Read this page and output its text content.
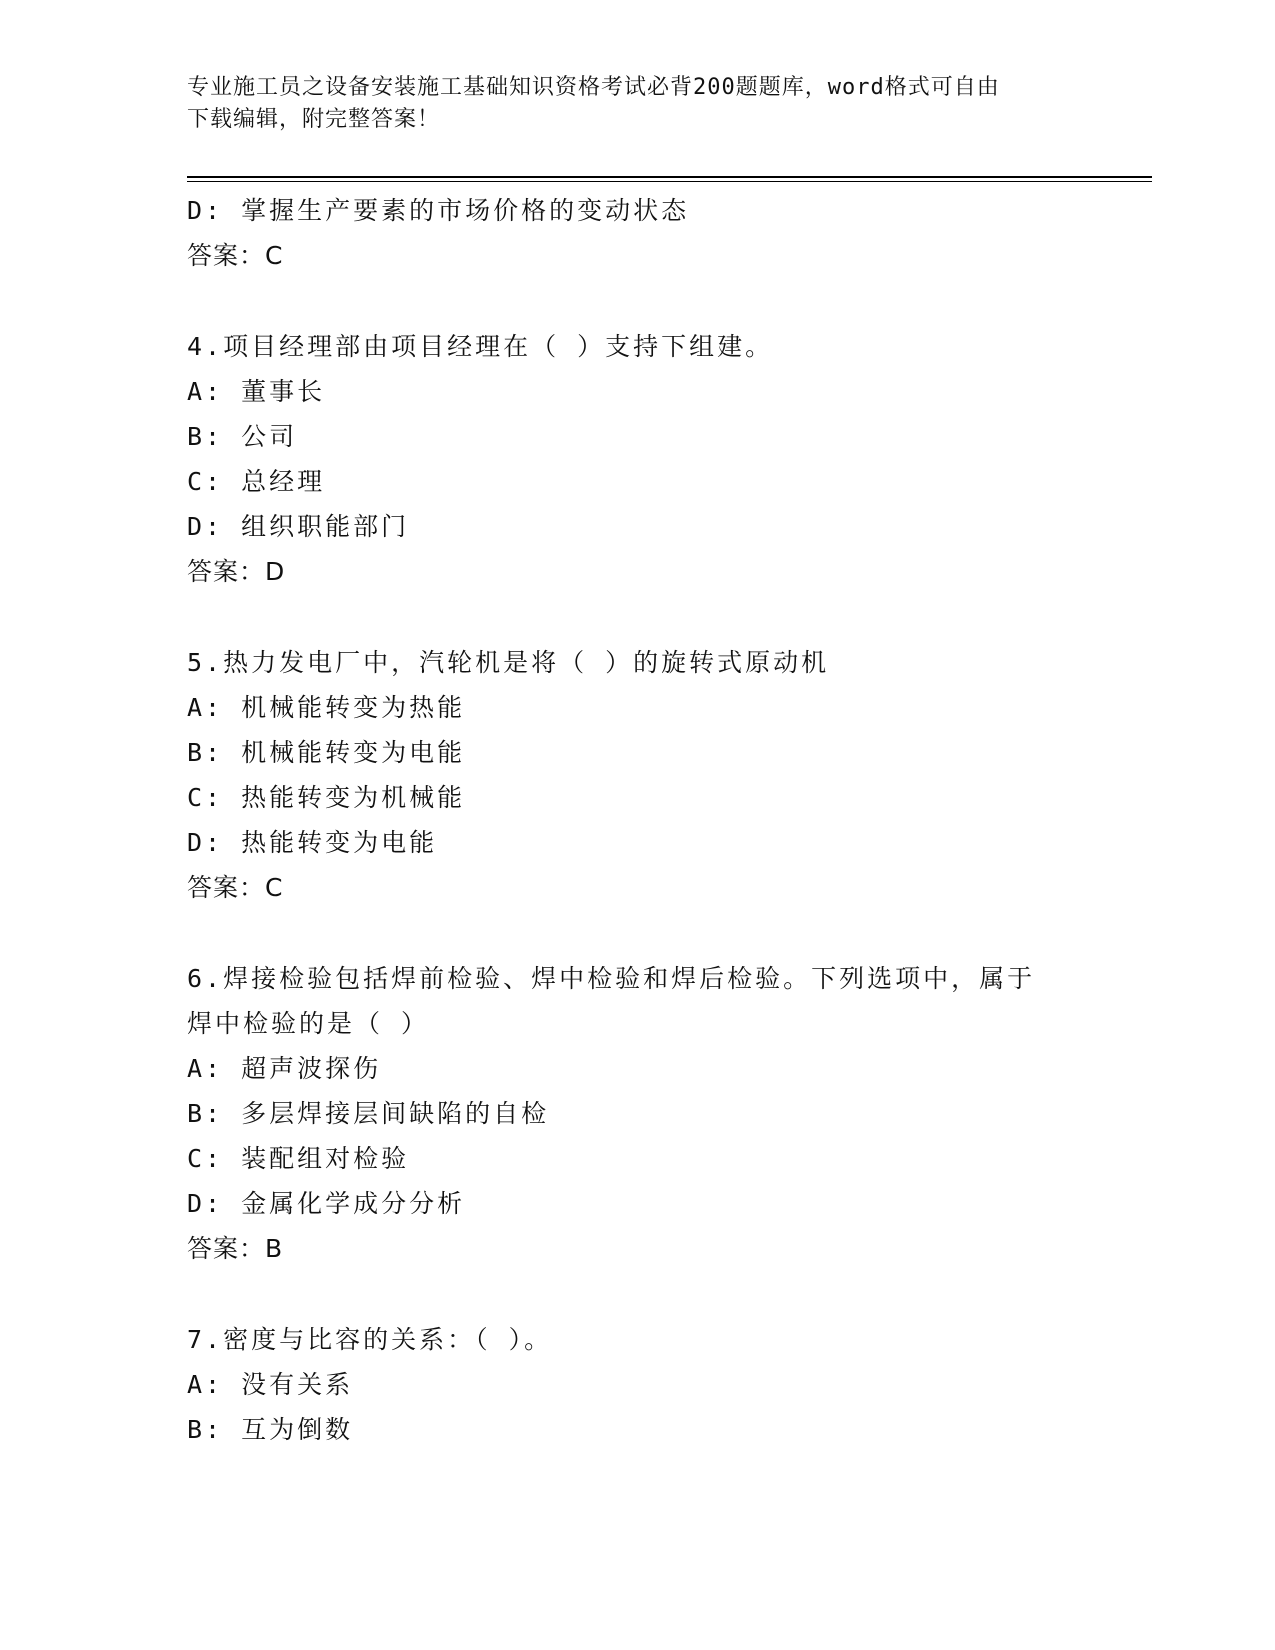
专业施工员之设备安装施工基础知识资格考试必背200题题库，word格式可自由
下载编辑，附完整答案！
D: 掌握生产要素的市场价格的变动状态
答案：C
4.项目经理部由项目经理在（ ）支持下组建。
A: 董事长
B: 公司
C: 总经理
D: 组织职能部门
答案：D
5.热力发电厂中，汽轮机是将（ ）的旋转式原动机
A: 机械能转变为热能
B: 机械能转变为电能
C: 热能转变为机械能
D: 热能转变为电能
答案：C
6.焊接检验包括焊前检验、焊中检验和焊后检验。下列选项中，属于
焊中检验的是（ ）
A: 超声波探伤
B: 多层焊接层间缺陷的自检
C: 装配组对检验
D: 金属化学成分分析
答案：B
7.密度与比容的关系：（ ）。
A: 没有关系
B: 互为倒数
